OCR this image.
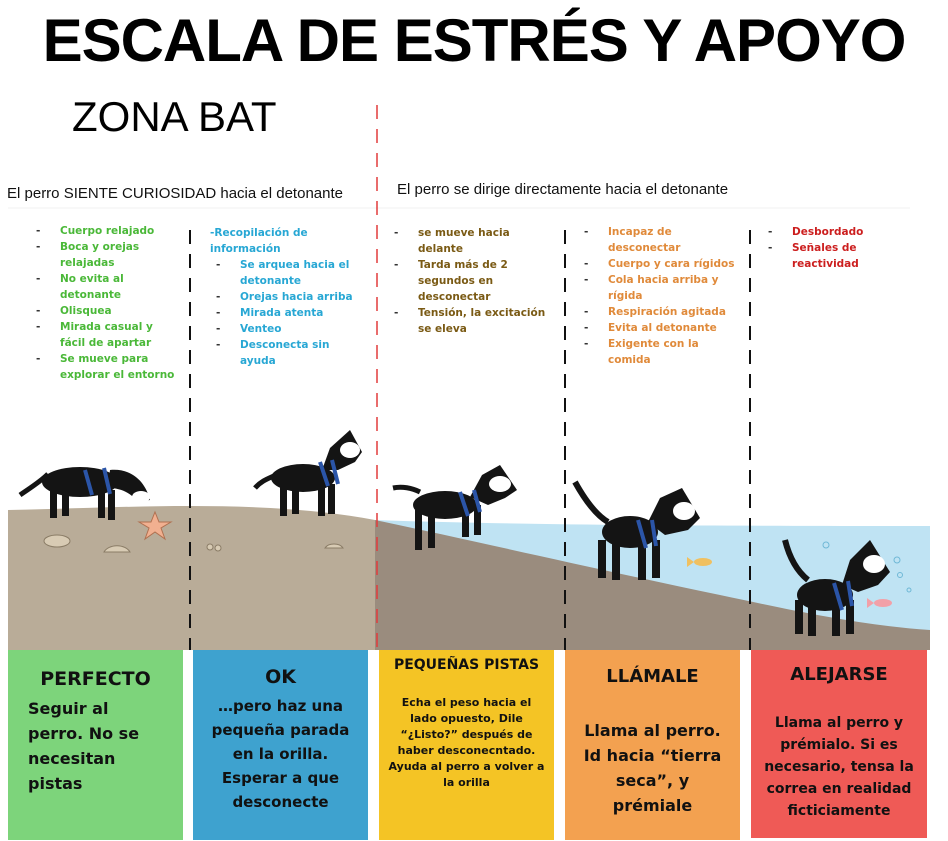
ESCALA DE ESTRÉS Y APOYO
ZONA BAT
El perro SIENTE CURIOSIDAD hacia el detonante	El perro se dirige directamente hacia el detonante
- Cuerpo relajado
- Boca y orejas relajadas
- No evita al detonante
- Olisquea
- Mirada casual y fácil de apartar
- Se mueve para explorar el entorno
-Recopilación de información
- Se arquea hacia el detonante
- Orejas hacia arriba
- Mirada atenta
- Venteo
- Desconecta sin ayuda
- se mueve hacia delante
- Tarda más de 2 segundos en desconectar
- Tensión, la excitación se eleva
- Incapaz de desconectar
- Cuerpo y cara rígidos
- Cola hacia arriba y rígida
- Respiración agitada
- Evita al detonante
- Exigente con la comida
- Desbordado
- Señales de reactividad
PERFECTO
Seguir al perro. No se necesitan pistas
OK
…pero haz una pequeña parada en la orilla. Esperar a que desconecte
PEQUEÑAS PISTAS
Echa el peso hacia el lado opuesto, Dile “¿Listo?” después de haber desconecntado. Ayuda al perro a volver a la orilla
LLÁMALE
Llama al perro. Id hacia “tierra seca”, y prémiale
ALEJARSE
Llama al perro y prémialo. Si es necesario, tensa la correa en realidad ficticiamente
